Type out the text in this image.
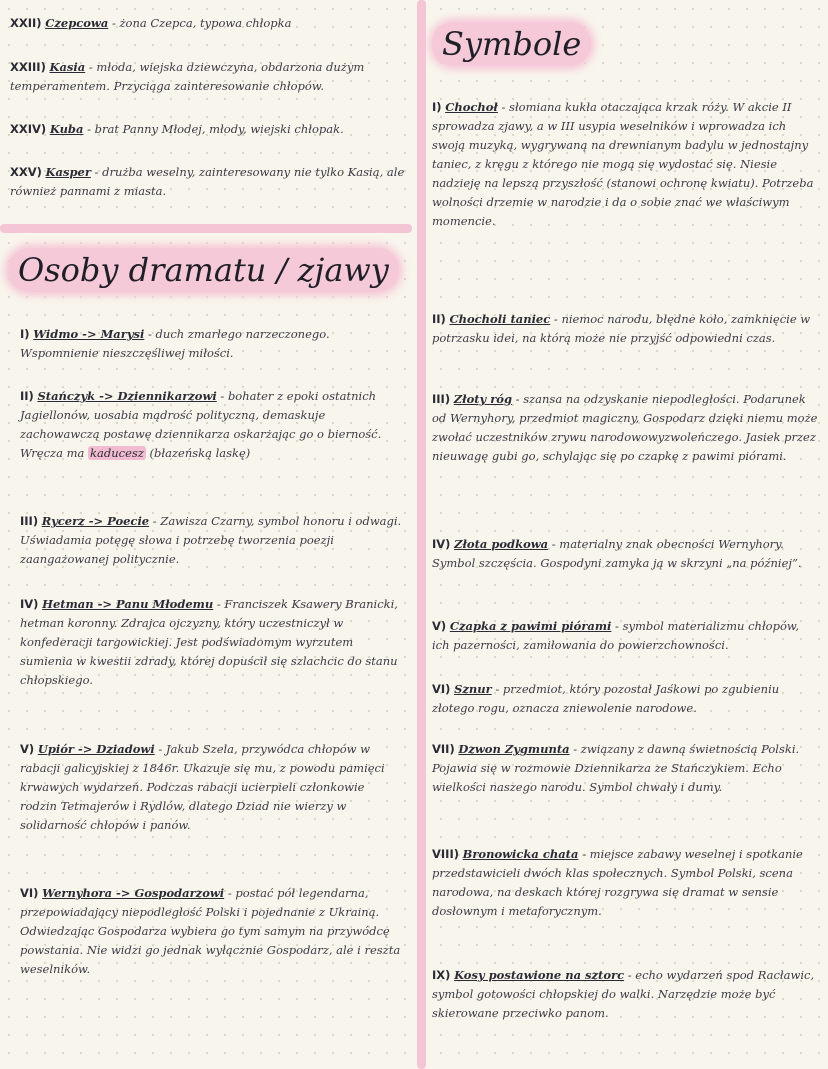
XXII) Czepcowa - żona Czepca, typowa chłopka
XXIII) Kasia - młoda, wiejska dziewczyna, obdarzona dużym temperamentem. Przyciąga zainteresowanie chłopów.
XXIV) Kuba - brat Panny Młodej, młody, wiejski chłopak.
XXV) Kasper - drużba weselny, zainteresowany nie tylko Kasią, ale również pannami z miasta.
Osoby dramatu / zjawy
I) Widmo -> Marysi - duch zmarłego narzeczonego. Wspomnienie nieszczęśliwej miłości.
II) Stańczyk -> Dziennikarzowi - bohater z epoki ostatnich Jagiellonów, uosabia mądrość polityczną, demaskuje zachowawczą postawę dziennikarza oskarżając go o bierność. Wręcza ma kaducesz (błazeńską laskę)
III) Rycerz -> Poecie - Zawisza Czarny, symbol honoru i odwagi. Uświadamia potęgę słowa i potrzebę tworzenia poezji zaangażowanej politycznie.
IV) Hetman -> Panu Młodemu - Franciszek Ksawery Branicki, hetman koronny. Zdrajca ojczyzny, który uczestniczył w konfederacji targowickiej. Jest podświadomym wyrzutem sumienia w kwestii zdrady, której dopuścił się szlachcic do stanu chłopskiego.
V) Upiór -> Dziadowi - Jakub Szela, przywódca chłopów w rabacji galicyjskiej z 1846r. Ukazuje się mu, z powodu pamięci krwawych wydarzeń. Podczas rabacji ucierpieli członkowie rodzin Tetmajerów i Rydlów, dlatego Dziad nie wierzy w solidarność chłopów i panów.
VI) Wernyhora -> Gospodarzowi - postać pół legendarna, przepowiadający niepodległość Polski i pojednanie z Ukrainą. Odwiedzając Gospodarza wybiera go tym samym na przywódcę powstania. Nie widzi go jednak wyłącznie Gospodarz, ale i reszta weselników.
Symbole
I) Chochoł - słomiana kukła otaczająca krzak róży. W akcie II sprowadza zjawy, a w III usypia weselników i wprowadza ich swoją muzyką, wygrywaną na drewnianym badylu w jednostajny taniec, z kręgu z którego nie mogą się wydostać się. Niesie nadzieję na lepszą przyszłość (stanowi ochronę kwiatu). Potrzeba wolności drzemie w narodzie i da o sobie znać we właściwym momencie.
II) Chocholi taniec - niemoc narodu, błędne koło, zamknięcie w potrzasku idei, na którą może nie przyjść odpowiedni czas.
III) Złoty róg - szansa na odzyskanie niepodległości. Podarunek od Wernyhory, przedmiot magiczny, Gospodarz dzięki niemu może zwołać uczestników zrywu narodowowyzwoleńczego. Jasiek przez nieuwagę gubi go, schylając się po czapkę z pawimi piórami.
IV) Złota podkowa - materialny znak obecności Wernyhory. Symbol szczęścia. Gospodyni zamyka ją w skrzyni „na później”.
V) Czapka z pawimi piórami - symbol materializmu chłopów, ich pazerności, zamiłowania do powierzchowności.
VI) Sznur - przedmiot, który pozostał Jaśkowi po zgubieniu złotego rogu, oznacza zniewolenie narodowe.
VII) Dzwon Zygmunta - związany z dawną świetnością Polski. Pojawia się w rozmowie Dziennikarza ze Stańczykiem. Echo wielkości naszego narodu. Symbol chwały i dumy.
VIII) Bronowicka chata - miejsce zabawy weselnej i spotkanie przedstawicieli dwóch klas społecznych. Symbol Polski, scena narodowa, na deskach której rozgrywa się dramat w sensie dosłownym i metaforycznym.
IX) Kosy postawione na sztorc - echo wydarzeń spod Racławic, symbol gotowości chłopskiej do walki. Narzędzie może być skierowane przeciwko panom.
